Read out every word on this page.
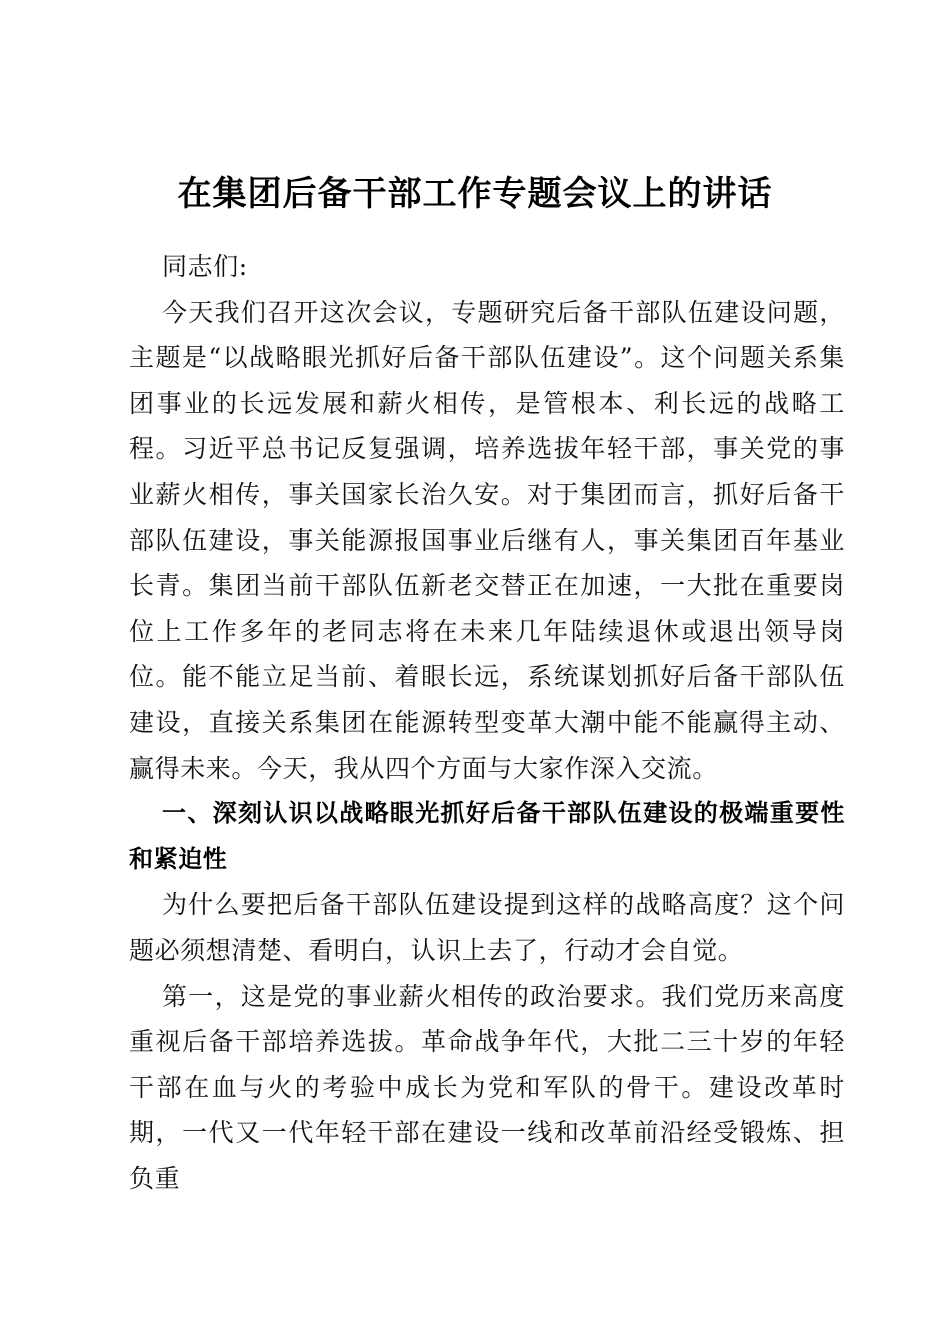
在集团后备干部工作专题会议上的讲话

同志们:

今天我们召开这次会议，专题研究后备干部队伍建设问题，主题是“以战略眼光抓好后备干部队伍建设”。这个问题关系集团事业的长远发展和薪火相传，是管根本、利长远的战略工程。习近平总书记反复强调，培养选拔年轻干部，事关党的事业薪火相传，事关国家长治久安。对于集团而言，抓好后备干部队伍建设，事关能源报国事业后继有人，事关集团百年基业长青。集团当前干部队伍新老交替正在加速，一大批在重要岗位上工作多年的老同志将在未来几年陆续退休或退出领导岗位。能不能立足当前、着眼长远，系统谋划抓好后备干部队伍建设，直接关系集团在能源转型变革大潮中能不能赢得主动、赢得未来。今天，我从四个方面与大家作深入交流。

一、深刻认识以战略眼光抓好后备干部队伍建设的极端重要性和紧迫性

为什么要把后备干部队伍建设提到这样的战略高度？这个问题必须想清楚、看明白，认识上去了，行动才会自觉。

第一，这是党的事业薪火相传的政治要求。我们党历来高度重视后备干部培养选拔。革命战争年代，大批二三十岁的年轻干部在血与火的考验中成长为党和军队的骨干。建设改革时期，一代又一代年轻干部在建设一线和改革前沿经受锻炼、担负重
